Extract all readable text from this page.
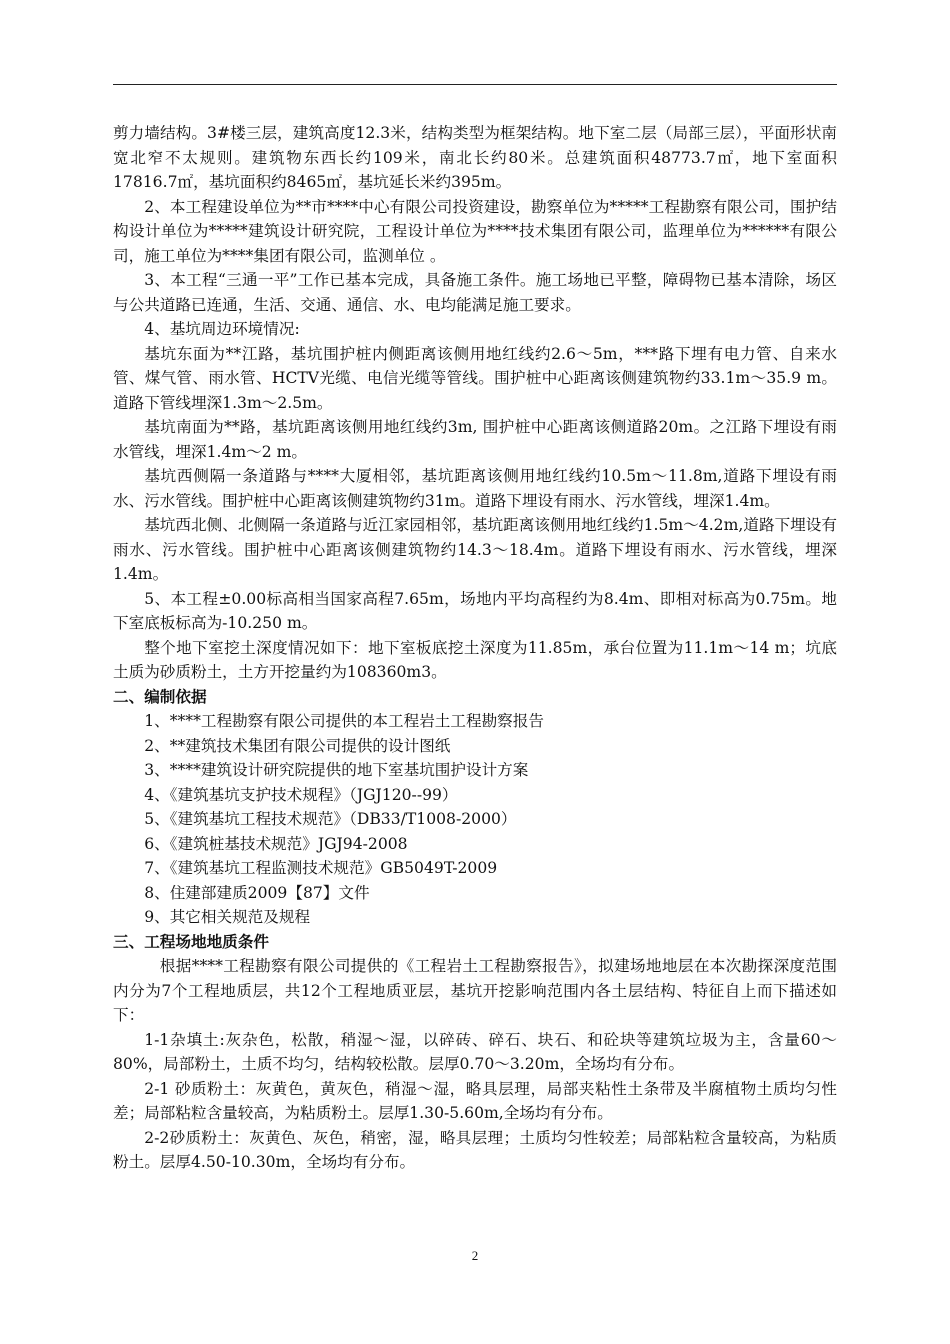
剪力墙结构。3#楼三层，建筑高度12.3米，结构类型为框架结构。地下室二层（局部三层），平面形状南宽北窄不太规则。建筑物东西长约109米，南北长约80米。总建筑面积48773.7㎡，地下室面积17816.7㎡，基坑面积约8465㎡，基坑延长米约395m。

2、本工程建设单位为**市****中心有限公司投资建设，勘察单位为*****工程勘察有限公司，围护结构设计单位为*****建筑设计研究院，工程设计单位为****技术集团有限公司，监理单位为******有限公司，施工单位为****集团有限公司，监测单位 。

3、本工程“三通一平”工作已基本完成，具备施工条件。施工场地已平整，障碍物已基本清除，场区与公共道路已连通，生活、交通、通信、水、电均能满足施工要求。

4、基坑周边环境情况:

基坑东面为**江路，基坑围护桩内侧距离该侧用地红线约2.6～5m，***路下埋有电力管、自来水管、煤气管、雨水管、HCTV光缆、电信光缆等管线。围护桩中心距离该侧建筑物约33.1m～35.9 m。道路下管线埋深1.3m～2.5m。

基坑南面为**路，基坑距离该侧用地红线约3m, 围护桩中心距离该侧道路20m。之江路下埋设有雨水管线，埋深1.4m～2 m。

基坑西侧隔一条道路与****大厦相邻，基坑距离该侧用地红线约10.5m～11.8m,道路下埋设有雨水、污水管线。围护桩中心距离该侧建筑物约31m。道路下埋设有雨水、污水管线，埋深1.4m。

基坑西北侧、北侧隔一条道路与近江家园相邻，基坑距离该侧用地红线约1.5m～4.2m,道路下埋设有雨水、污水管线。围护桩中心距离该侧建筑物约14.3～18.4m。道路下埋设有雨水、污水管线，埋深1.4m。

5、本工程±0.00标高相当国家高程7.65m，场地内平均高程约为8.4m、即相对标高为0.75m。地下室底板标高为-10.250 m。

整个地下室挖土深度情况如下：地下室板底挖土深度为11.85m，承台位置为11.1m～14 m；坑底土质为砂质粉土，土方开挖量约为108360m3。

二、编制依据

1、****工程勘察有限公司提供的本工程岩土工程勘察报告

2、**建筑技术集团有限公司提供的设计图纸

3、****建筑设计研究院提供的地下室基坑围护设计方案

4、《建筑基坑支护技术规程》（JGJ120--99）

5、《建筑基坑工程技术规范》（DB33/T1008-2000）

6、《建筑桩基技术规范》JGJ94-2008

7、《建筑基坑工程监测技术规范》GB5049T-2009

8、住建部建质2009【87】文件

9、其它相关规范及规程

三、工程场地地质条件

根据****工程勘察有限公司提供的《工程岩土工程勘察报告》，拟建场地地层在本次勘探深度范围内分为7个工程地质层，共12个工程地质亚层，基坑开挖影响范围内各土层结构、特征自上而下描述如下：

1-1杂填土:灰杂色，松散，稍湿～湿，以碎砖、碎石、块石、和砼块等建筑垃圾为主，含量60～80%，局部粉土，土质不均匀，结构较松散。层厚0.70～3.20m，全场均有分布。

2-1 砂质粉土：灰黄色，黄灰色，稍湿～湿，略具层理，局部夹粘性土条带及半腐植物土质均匀性差；局部粘粒含量较高，为粘质粉土。层厚1.30-5.60m,全场均有分布。

2-2砂质粉土：灰黄色、灰色，稍密，湿，略具层理；土质均匀性较差；局部粘粒含量较高，为粘质粉土。层厚4.50-10.30m，全场均有分布。

2
